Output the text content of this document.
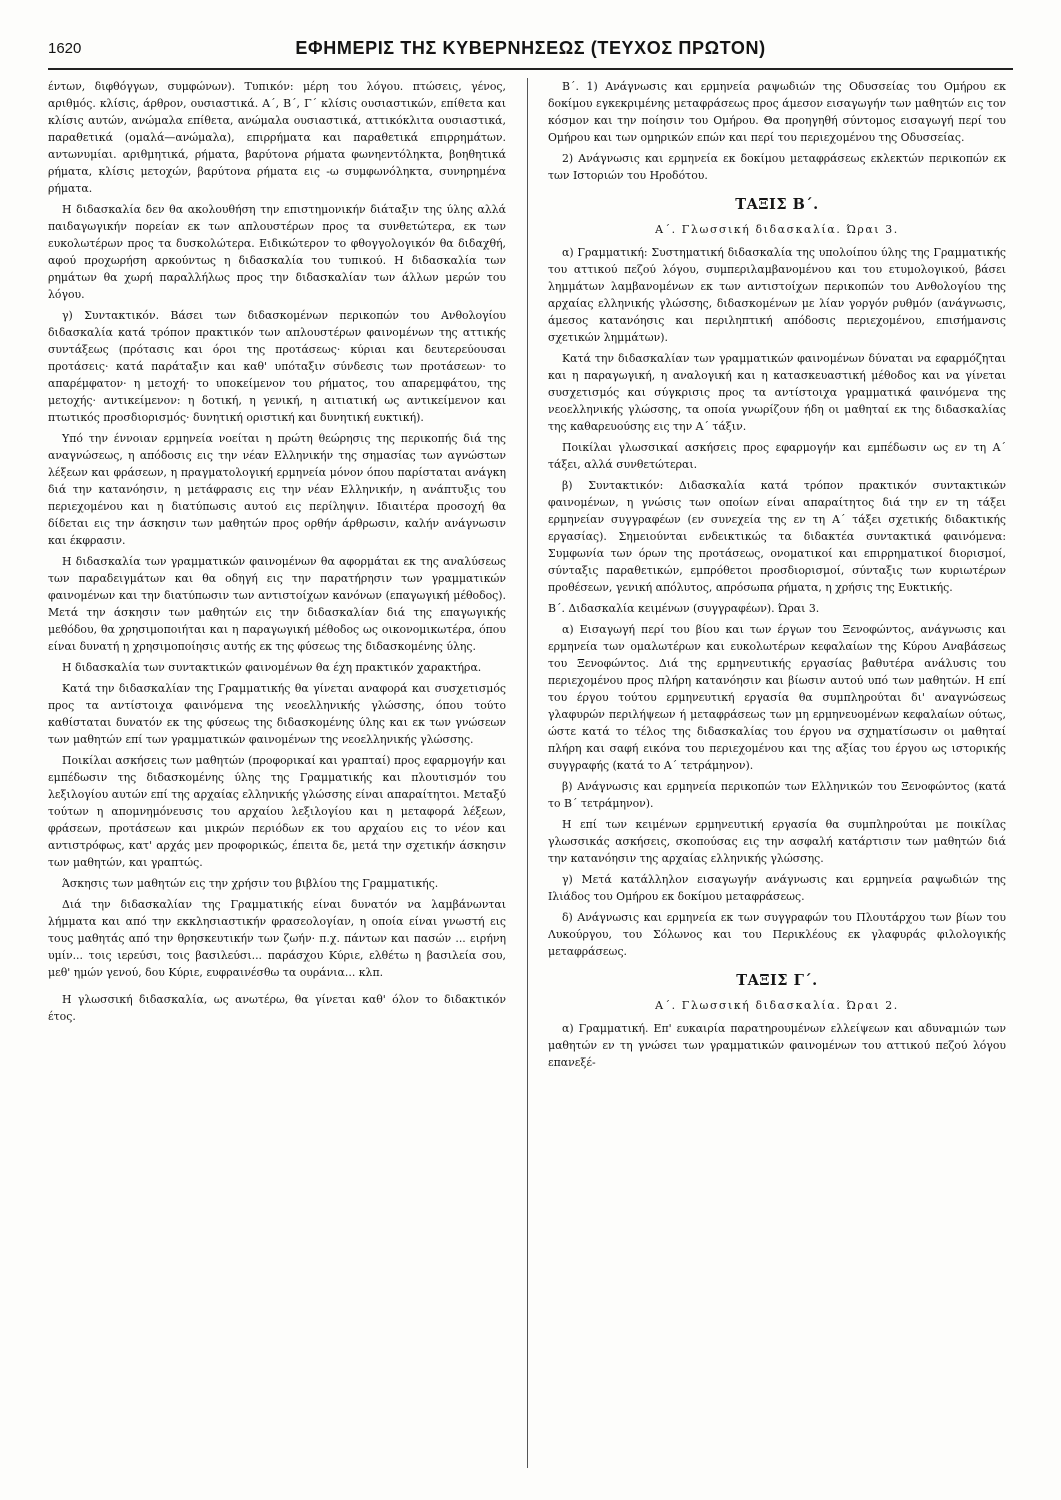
1620	ΕΦΗΜΕΡΙΣ ΤΗΣ ΚΥΒΕΡΝΗΣΕΩΣ (ΤΕΥΧΟΣ ΠΡΩΤΟΝ)

έντων, διφθόγγων, συμφώνων). Τυπικόν: μέρη του λόγου. πτώσεις, γένος, αριθμός. κλίσις, άρθρον, ουσιαστικά. Α΄, Β΄, Γ΄ κλίσις ουσιαστικών, επίθετα και κλίσις αυτών, ανώμαλα επίθετα, ανώμαλα ουσιαστικά, αττικόκλιτα ουσιαστικά, παραθετικά (ομαλά—ανώμαλα), επιρρήματα και παραθετικά επιρρημάτων. αντωνυμίαι. αριθμητικά, ρήματα, βαρύτονα ρήματα φωνηεντόληκτα, βοηθητικά ρήματα, κλίσις μετοχών, βαρύτονα ρήματα εις -ω συμφωνόληκτα, συνηρημένα ρήματα.

Η διδασκαλία δεν θα ακολουθήση την επιστημονικήν διάταξιν της ύλης αλλά παιδαγωγικήν πορείαν εκ των απλουστέρων προς τα συνθετώτερα, εκ των ευκολωτέρων προς τα δυσκολώτερα. Ειδικώτερον το φθογγολογικόν θα διδαχθή, αφού προχωρήση αρκούντως η διδασκαλία του τυπικού. Η διδασκαλία των ρημάτων θα χωρή παραλλήλως προς την διδασκαλίαν των άλλων μερών του λόγου.

γ) Συντακτικόν. Βάσει των διδασκομένων περικοπών του Ανθολογίου διδασκαλία κατά τρόπον πρακτικόν των απλουστέρων φαινομένων της αττικής συντάξεως (πρότασις και όροι της προτάσεως· κύριαι και δευτερεύουσαι προτάσεις· κατά παράταξιν και καθ' υπόταξιν σύνδεσις των προτάσεων· το απαρέμφατον· η μετοχή· το υποκείμενον του ρήματος, του απαρεμφάτου, της μετοχής· αντικείμενον: η δοτική, η γενική, η αιτιατική ως αντικείμενον και πτωτικός προσδιορισμός· δυνητική οριστική και δυνητική ευκτική).

Υπό την έννοιαν ερμηνεία νοείται η πρώτη θεώρησις της περικοπής διά της αναγνώσεως, η απόδοσις εις την νέαν Ελληνικήν της σημασίας των αγνώστων λέξεων και φράσεων, η πραγματολογική ερμηνεία μόνον όπου παρίσταται ανάγκη διά την κατανόησιν, η μετάφρασις εις την νέαν Ελληνικήν, η ανάπτυξις του περιεχομένου και η διατύπωσις αυτού εις περίληψιν. Ιδιαιτέρα προσοχή θα δίδεται εις την άσκησιν των μαθητών προς ορθήν άρθρωσιν, καλήν ανάγνωσιν και έκφρασιν.

Η διδασκαλία των γραμματικών φαινομένων θα αφορμάται εκ της αναλύσεως των παραδειγμάτων και θα οδηγή εις την παρατήρησιν των γραμματικών φαινομένων και την διατύπωσιν των αντιστοίχων κανόνων (επαγωγική μέθοδος). Μετά την άσκησιν των μαθητών εις την διδασκαλίαν διά της επαγωγικής μεθόδου, θα χρησιμοποιήται και η παραγωγική μέθοδος ως οικονομικωτέρα, όπου είναι δυνατή η χρησιμοποίησις αυτής εκ της φύσεως της διδασκομένης ύλης.

Η διδασκαλία των συντακτικών φαινομένων θα έχη πρακτικόν χαρακτήρα.

Κατά την διδασκαλίαν της Γραμματικής θα γίνεται αναφορά και συσχετισμός προς τα αντίστοιχα φαινόμενα της νεοελληνικής γλώσσης, όπου τούτο καθίσταται δυνατόν εκ της φύσεως της διδασκομένης ύλης και εκ των γνώσεων των μαθητών επί των γραμματικών φαινομένων της νεοελληνικής γλώσσης.

Ποικίλαι ασκήσεις των μαθητών (προφορικαί και γραπταί) προς εφαρμογήν και εμπέδωσιν της διδασκομένης ύλης της Γραμματικής και πλουτισμόν του λεξιλογίου αυτών επί της αρχαίας ελληνικής γλώσσης είναι απαραίτητοι. Μεταξύ τούτων η απομνημόνευσις του αρχαίου λεξιλογίου και η μεταφορά λέξεων, φράσεων, προτάσεων και μικρών περιόδων εκ του αρχαίου εις το νέον και αντιστρόφως, κατ' αρχάς μεν προφορικώς, έπειτα δε, μετά την σχετικήν άσκησιν των μαθητών, και γραπτώς.

Άσκησις των μαθητών εις την χρήσιν του βιβλίου της Γραμματικής.

Διά την διδασκαλίαν της Γραμματικής είναι δυνατόν να λαμβάνωνται λήμματα και από την εκκλησιαστικήν φρασεολογίαν, η οποία είναι γνωστή εις τους μαθητάς από την θρησκευτικήν των ζωήν· π.χ. πάντων και πασών ... ειρήνη υμίν... τοις ιερεύσι, τοις βασιλεύσι... παράσχου Κύριε, ελθέτω η βασιλεία σου, μεθ' ημών γενού, δου Κύριε, ευφραινέσθω τα ουράνια... κλπ.

Η γλωσσική διδασκαλία, ως ανωτέρω, θα γίνεται καθ' όλον το διδακτικόν έτος.

Β΄. 1) Ανάγνωσις και ερμηνεία ραψωδιών της Οδυσσείας του Ομήρου εκ δοκίμου εγκεκριμένης μεταφράσεως προς άμεσον εισαγωγήν των μαθητών εις τον κόσμον και την ποίησιν του Ομήρου. Θα προηγηθή σύντομος εισαγωγή περί του Ομήρου και των ομηρικών επών και περί του περιεχομένου της Οδυσσείας.

2) Ανάγνωσις και ερμηνεία εκ δοκίμου μεταφράσεως εκλεκτών περικοπών εκ των Ιστοριών του Ηροδότου.

ΤΑΞΙΣ Β΄.

Α΄. Γλωσσική διδασκαλία. Ώραι 3.

α) Γραμματική: Συστηματική διδασκαλία της υπολοίπου ύλης της Γραμματικής του αττικού πεζού λόγου, συμπεριλαμβανομένου και του ετυμολογικού, βάσει λημμάτων λαμβανομένων εκ των αντιστοίχων περικοπών του Ανθολογίου της αρχαίας ελληνικής γλώσσης, διδασκομένων με λίαν γοργόν ρυθμόν (ανάγνωσις, άμεσος κατανόησις και περιληπτική απόδοσις περιεχομένου, επισήμανσις σχετικών λημμάτων).

Κατά την διδασκαλίαν των γραμματικών φαινομένων δύναται να εφαρμόζηται και η παραγωγική, η αναλογική και η κατασκευαστική μέθοδος και να γίνεται συσχετισμός και σύγκρισις προς τα αντίστοιχα γραμματικά φαινόμενα της νεοελληνικής γλώσσης, τα οποία γνωρίζουν ήδη οι μαθηταί εκ της διδασκαλίας της καθαρευούσης εις την Α΄ τάξιν.

Ποικίλαι γλωσσικαί ασκήσεις προς εφαρμογήν και εμπέδωσιν ως εν τη Α΄ τάξει, αλλά συνθετώτεραι.

β) Συντακτικόν: Διδασκαλία κατά τρόπον πρακτικόν συντακτικών φαινομένων, η γνώσις των οποίων είναι απαραίτητος διά την εν τη τάξει ερμηνείαν συγγραφέων (εν συνεχεία της εν τη Α΄ τάξει σχετικής διδακτικής εργασίας). Σημειούνται ενδεικτικώς τα διδακτέα συντακτικά φαινόμενα: Συμφωνία των όρων της προτάσεως, ονοματικοί και επιρρηματικοί διορισμοί, σύνταξις παραθετικών, εμπρόθετοι προσδιορισμοί, σύνταξις των κυριωτέρων προθέσεων, γενική απόλυτος, απρόσωπα ρήματα, η χρήσις της Ευκτικής.

Β΄. Διδασκαλία κειμένων (συγγραφέων). Ώραι 3.

α) Εισαγωγή περί του βίου και των έργων του Ξενοφώντος, ανάγνωσις και ερμηνεία των ομαλωτέρων και ευκολωτέρων κεφαλαίων της Κύρου Αναβάσεως του Ξενοφώντος. Διά της ερμηνευτικής εργασίας βαθυτέρα ανάλυσις του περιεχομένου προς πλήρη κατανόησιν και βίωσιν αυτού υπό των μαθητών. Η επί του έργου τούτου ερμηνευτική εργασία θα συμπληρούται δι' αναγνώσεως γλαφυρών περιλήψεων ή μεταφράσεως των μη ερμηνευομένων κεφαλαίων ούτως, ώστε κατά το τέλος της διδασκαλίας του έργου να σχηματίσωσιν οι μαθηταί πλήρη και σαφή εικόνα του περιεχομένου και της αξίας του έργου ως ιστορικής συγγραφής (κατά το Α΄ τετράμηνον).

β) Ανάγνωσις και ερμηνεία περικοπών των Ελληνικών του Ξενοφώντος (κατά το Β΄ τετράμηνον).

Η επί των κειμένων ερμηνευτική εργασία θα συμπληρούται με ποικίλας γλωσσικάς ασκήσεις, σκοπούσας εις την ασφαλή κατάρτισιν των μαθητών διά την κατανόησιν της αρχαίας ελληνικής γλώσσης.

γ) Μετά κατάλληλον εισαγωγήν ανάγνωσις και ερμηνεία ραψωδιών της Ιλιάδος του Ομήρου εκ δοκίμου μεταφράσεως.

δ) Ανάγνωσις και ερμηνεία εκ των συγγραφών του Πλουτάρχου των βίων του Λυκούργου, του Σόλωνος και του Περικλέους εκ γλαφυράς φιλολογικής μεταφράσεως.

ΤΑΞΙΣ Γ΄.

Α΄. Γλωσσική διδασκαλία. Ώραι 2.

α) Γραμματική. Επ' ευκαιρία παρατηρουμένων ελλείψεων και αδυναμιών των μαθητών εν τη γνώσει των γραμματικών φαινομένων του αττικού πεζού λόγου επανεξέ-
